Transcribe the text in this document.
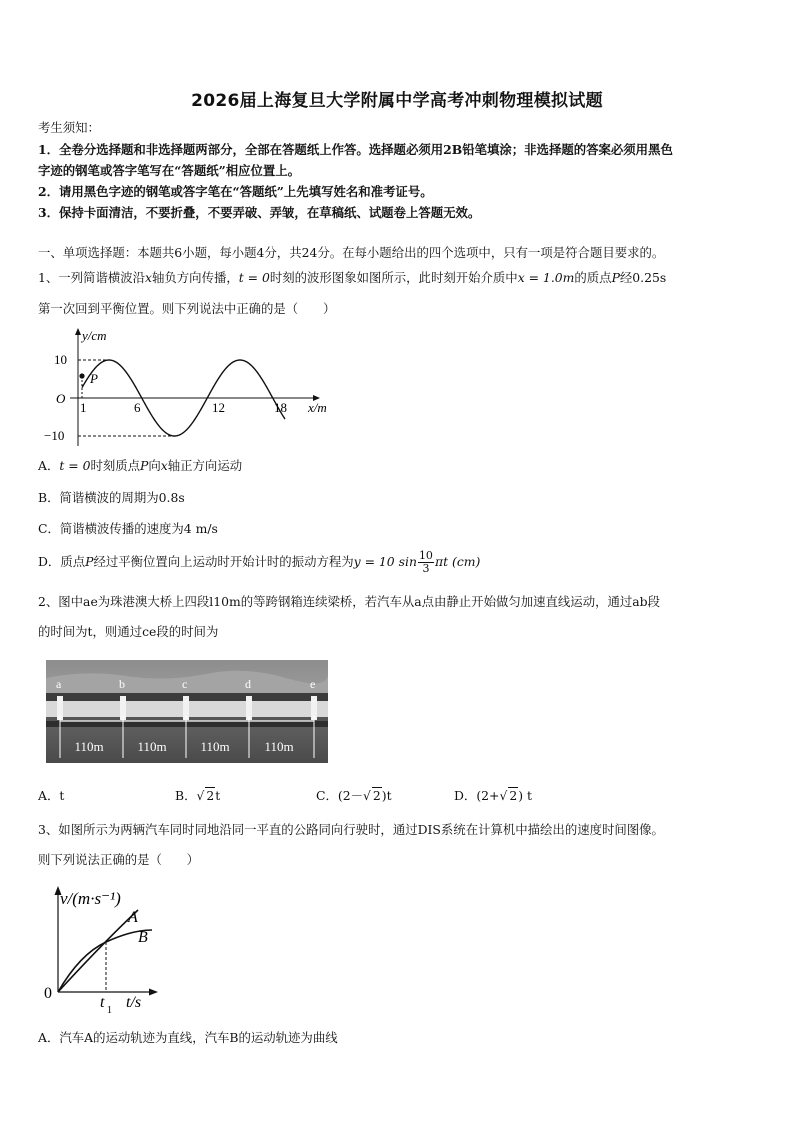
2026届上海复旦大学附属中学高考冲刺物理模拟试题
考生须知：
1．全卷分选择题和非选择题两部分，全部在答题纸上作答。选择题必须用2B铅笔填涂；非选择题的答案必须用黑色
字迹的钢笔或答字笔写在“答题纸”相应位置上。
2．请用黑色字迹的钢笔或答字笔在“答题纸”上先填写姓名和准考证号。
3．保持卡面清洁，不要折叠，不要弄破、弄皱，在草稿纸、试题卷上答题无效。
一、单项选择题：本题共6小题，每小题4分，共24分。在每小题给出的四个选项中，只有一项是符合题目要求的。
1、一列简谐横波沿x轴负方向传播，t = 0时刻的波形图象如图所示，此时刻开始介质中x = 1.0m的质点P经0.25s
第一次回到平衡位置。则下列说法中正确的是（　　）
y/cm
10
−10
O
P
1	6	12	18 x/m
A．t = 0时刻质点P向x轴正方向运动
B．简谐横波的周期为0.8s
C．简谐横波传播的速度为4 m/s
D．质点P经过平衡位置向上运动时开始计时的振动方程为y = 10 $\sin \frac{10}{3}$ πt (cm)
2、图中ae为珠港澳大桥上四段l10m的等跨钢箱连续梁桥，若汽车从a点由静止开始做匀加速直线运动，通过ab段
的时间为t，则通过ce段的时间为
a	b	c	d	e
110m	110m	110m	110m
A．t	B．√ 2t	C．(2－√ 2)t	D．(2+√ 2) t
3、如图所示为两辆汽车同时同地沿同一平直的公路同向行驶时，通过DIS系统在计算机中描绘出的速度时间图像。
则下列说法正确的是（　　）
v/(m·s⁻¹)
A
B
0
t 1 t/s
A．汽车A的运动轨迹为直线，汽车B的运动轨迹为曲线
